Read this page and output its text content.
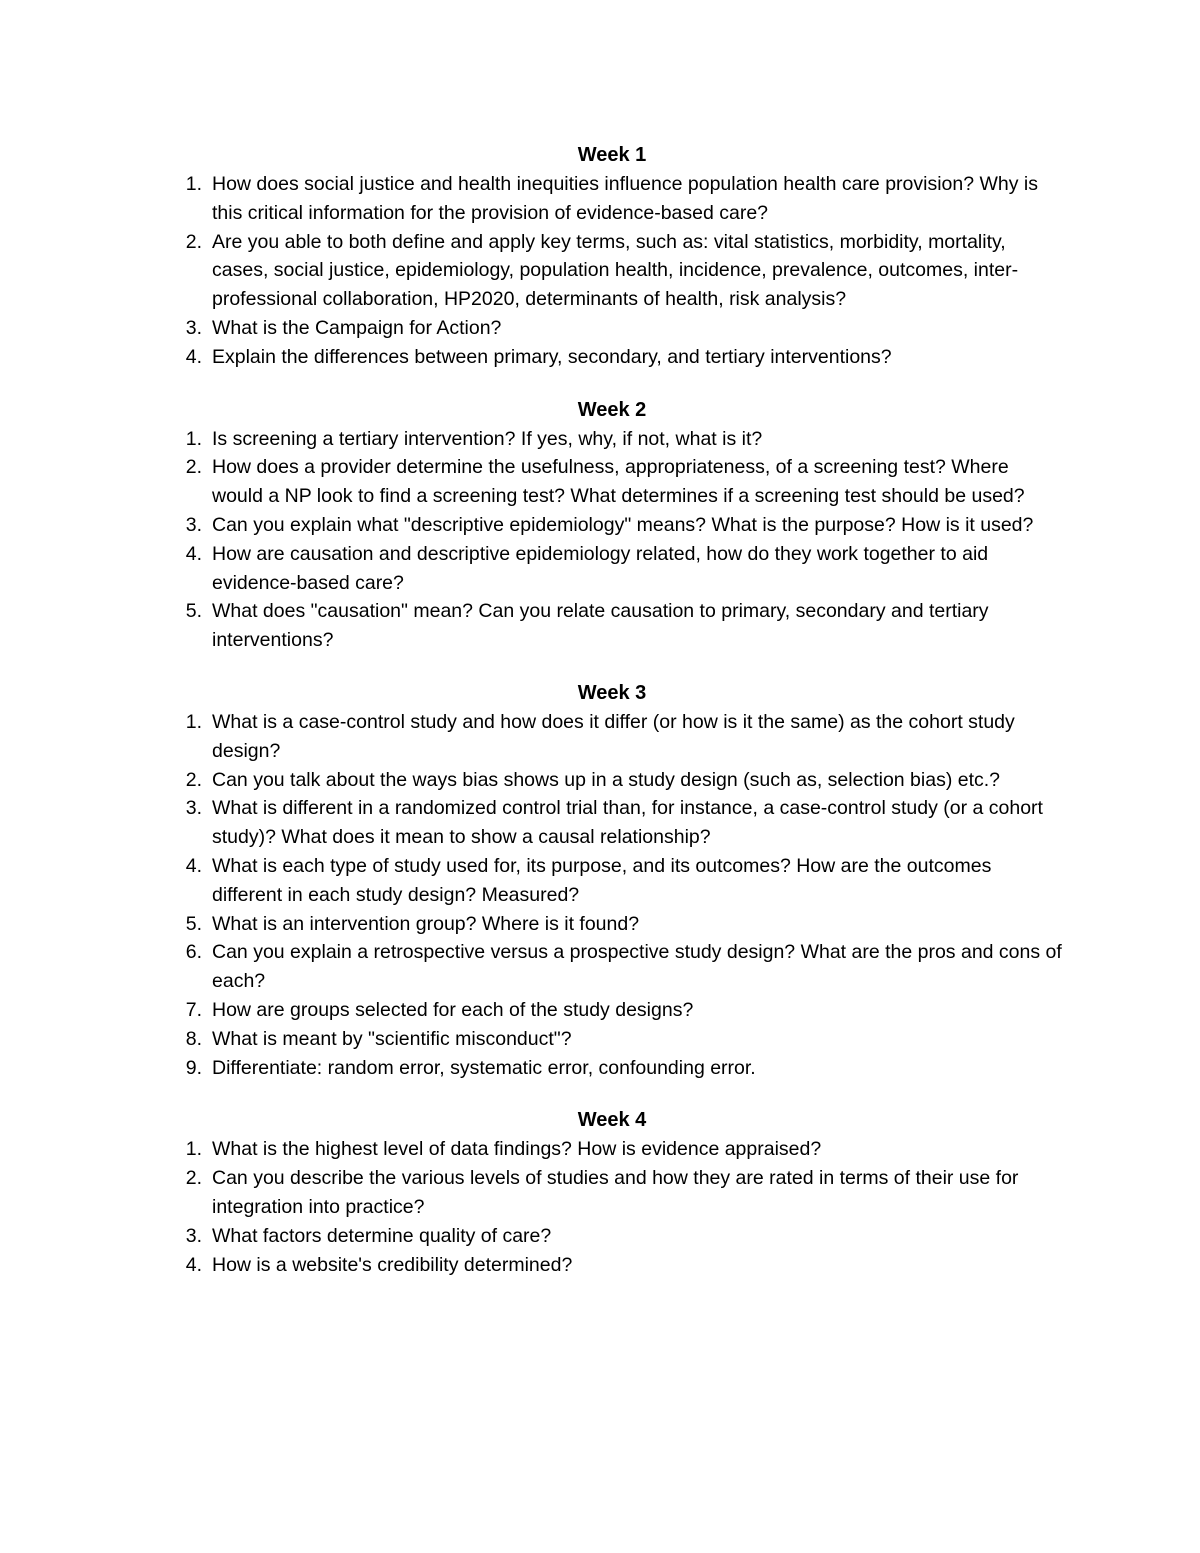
Week 1
1. How does social justice and health inequities influence population health care provision? Why is this critical information for the provision of evidence-based care?
2. Are you able to both define and apply key terms, such as: vital statistics, morbidity, mortality, cases, social justice, epidemiology, population health, incidence, prevalence, outcomes, inter-professional collaboration, HP2020, determinants of health, risk analysis?
3. What is the Campaign for Action?
4. Explain the differences between primary, secondary, and tertiary interventions?
Week 2
1. Is screening a tertiary intervention? If yes, why, if not, what is it?
2. How does a provider determine the usefulness, appropriateness, of a screening test? Where would a NP look to find a screening test? What determines if a screening test should be used?
3. Can you explain what "descriptive epidemiology" means? What is the purpose? How is it used?
4. How are causation and descriptive epidemiology related, how do they work together to aid evidence-based care?
5. What does "causation" mean? Can you relate causation to primary, secondary and tertiary interventions?
Week 3
1. What is a case-control study and how does it differ (or how is it the same) as the cohort study design?
2. Can you talk about the ways bias shows up in a study design (such as, selection bias) etc.?
3. What is different in a randomized control trial than, for instance, a case-control study (or a cohort study)? What does it mean to show a causal relationship?
4. What is each type of study used for, its purpose, and its outcomes? How are the outcomes different in each study design? Measured?
5. What is an intervention group? Where is it found?
6. Can you explain a retrospective versus a prospective study design? What are the pros and cons of each?
7. How are groups selected for each of the study designs?
8. What is meant by "scientific misconduct"?
9. Differentiate: random error, systematic error, confounding error.
Week 4
1. What is the highest level of data findings? How is evidence appraised?
2. Can you describe the various levels of studies and how they are rated in terms of their use for integration into practice?
3. What factors determine quality of care?
4. How is a website's credibility determined?
